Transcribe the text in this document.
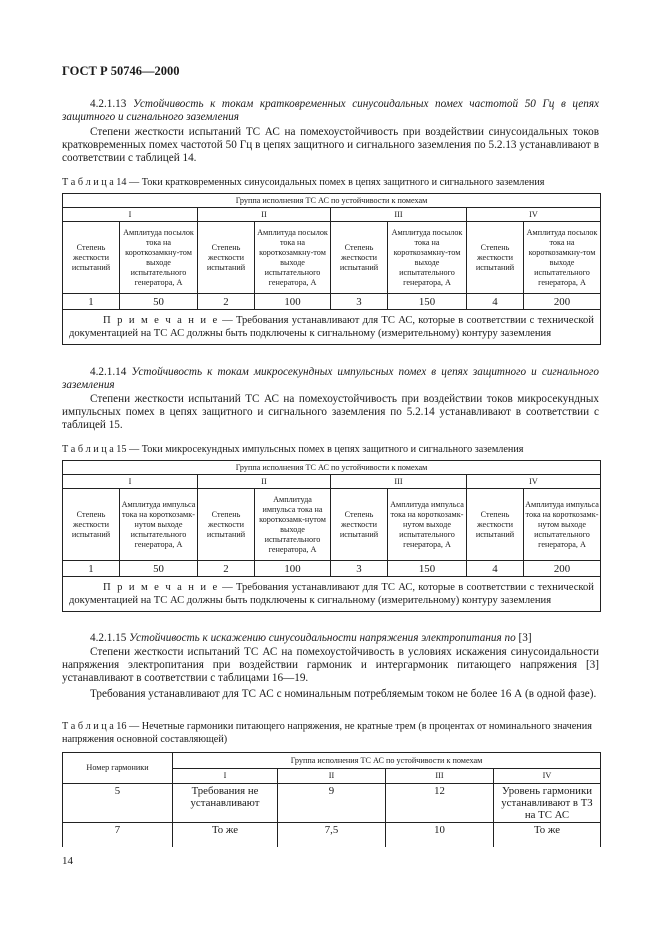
ГОСТ Р 50746—2000
4.2.1.13 Устойчивость к токам кратковременных синусоидальных помех частотой 50 Гц в цепях защитного и сигнального заземления
Степени жесткости испытаний ТС АС на помехоустойчивость при воздействии синусоидальных токов кратковременных помех частотой 50 Гц в цепях защитного и сигнального заземления по 5.2.13 устанавливают в соответствии с таблицей 14.
Т а б л и ц а 14 — Токи кратковременных синусоидальных помех в цепях защитного и сигнального заземления
Группа исполнения ТС АС по устойчивости к помехам							
I		II		III		IV	
Степень жесткости испытаний	Амплитуда посылок тока на короткозамкну-том выходе испытательного генератора, А	Степень жесткости испытаний	Амплитуда посылок тока на короткозамкну-том выходе испытательного генератора, А	Степень жесткости испытаний	Амплитуда посылок тока на короткозамкну-том выходе испытательного генератора, А	Степень жесткости испытаний	Амплитуда посылок тока на короткозамкну-том выходе испытательного генератора, А
1	50	2	100	3	150	4	200
П р и м е ч а н и е — Требования устанавливают для ТС АС, которые в соответствии с технической документацией на ТС АС должны быть подключены к сигнальному (измерительному) контуру заземления							
4.2.1.14 Устойчивость к токам микросекундных импульсных помех в цепях защитного и сигнального заземления
Степени жесткости испытаний ТС АС на помехоустойчивость при воздействии токов микросекундных импульсных помех в цепях защитного и сигнального заземления по 5.2.14 устанавливают в соответствии с таблицей 15.
Т а б л и ц а 15 — Токи микросекундных импульсных помех в цепях защитного и сигнального заземления
Группа исполнения ТС АС по устойчивости к помехам							
I		II		III		IV	
Степень жесткости испытаний	Амплитуда импульса тока на короткозамк-нутом выходе испытательного генератора, А	Степень жесткости испытаний	Амплитуда импульса тока на короткозамк-нутом выходе испытательного генератора, А	Степень жесткости испытаний	Амплитуда импульса тока на короткозамк-нутом выходе испытательного генератора, А	Степень жесткости испытаний	Амплитуда импульса тока на короткозамк-нутом выходе испытательного генератора, А
1	50	2	100	3	150	4	200
П р и м е ч а н и е — Требования устанавливают для ТС АС, которые в соответствии с технической документацией на ТС АС должны быть подключены к сигнальному (измерительному) контуру заземления							
4.2.1.15 Устойчивость к искажению синусоидальности напряжения электропитания по [3]
Степени жесткости испытаний ТС АС на помехоустойчивость в условиях искажения синусоидальности напряжения электропитания при воздействии гармоник и интергармоник питающего напряжения [3] устанавливают в соответствии с таблицами 16—19.
Требования устанавливают для ТС АС с номинальным потребляемым током не более 16 А (в одной фазе).
Т а б л и ц а 16 — Нечетные гармоники питающего напряжения, не кратные трем (в процентах от номинального значения напряжения основной составляющей)
Номер гармоники	Группа исполнения ТС АС по устойчивости к помехам			
	I	II	III	IV
5	Требования не устанавливают	9	12	Уровень гармоники устанавливают в ТЗ на ТС АС
7	То же	7,5	10	То же
14
